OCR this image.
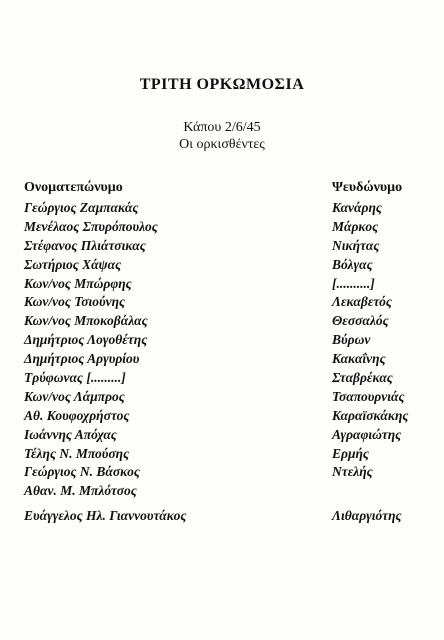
ΤΡΙΤΗ ΟΡΚΩΜΟΣΙΑ
Κάπου 2/6/45
Οι ορκισθέντες
Ονοματεπώνυμο	Ψευδώνυμο
Γεώργιος Ζαμπακάς	Κανάρης
Μενέλαος Σπυρόπουλος	Μάρκος
Στέφανος Πλιάτσικας	Νικήτας
Σωτήριος Χάψας	Βόλγας
Κων/νος Μπώρφης	[..........]
Κων/νος Τσιούνης	Λεκαβετός
Κων/νος Μποκοβάλας	Θεσσαλός
Δημήτριος Λογοθέτης	Βύρων
Δημήτριος Αργυρίου	Κακαΐνης
Τρύφωνας [.........]	Σταβρέκας
Κων/νος Λάμπρος	Τσαπουρνιάς
Αθ. Κουφοχρήστος	Καραϊσκάκης
Ιωάννης Απόχας	Αγραφιώτης
Τέλης Ν. Μπούσης	Ερμής
Γεώργιος Ν. Βάσκος	Ντελής
Αθαν. Μ. Μπλότσος
Ευάγγελος Ηλ. Γιαννουτάκος	Λιθαργιότης
